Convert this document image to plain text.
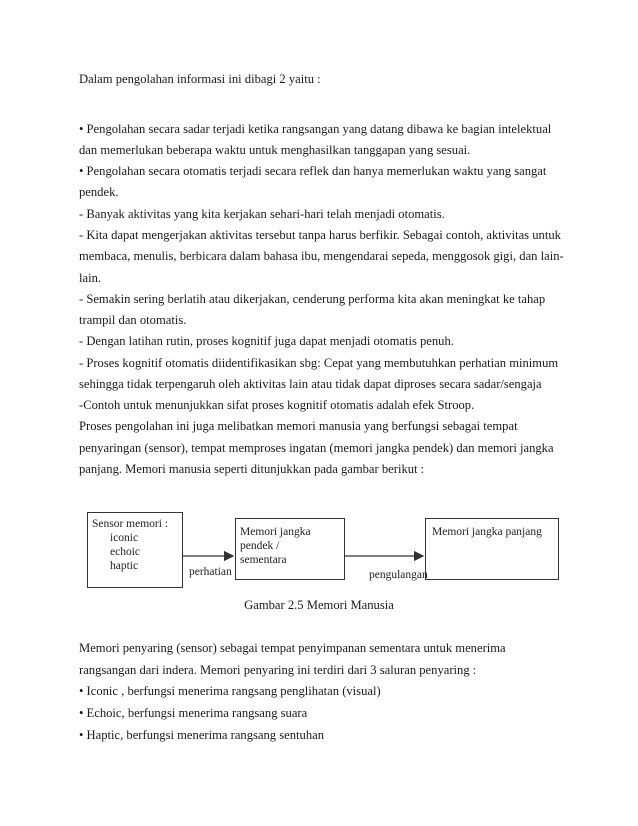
Dalam pengolahan informasi ini dibagi 2 yaitu :
• Pengolahan secara sadar terjadi ketika rangsangan yang datang dibawa ke bagian intelektual
dan memerlukan beberapa waktu untuk menghasilkan tanggapan yang sesuai.
• Pengolahan secara otomatis terjadi secara reflek dan hanya memerlukan waktu yang sangat
pendek.
- Banyak aktivitas yang kita kerjakan sehari-hari telah menjadi otomatis.
- Kita dapat mengerjakan aktivitas tersebut tanpa harus berfikir. Sebagai contoh, aktivitas untuk
membaca, menulis, berbicara dalam bahasa ibu, mengendarai sepeda, menggosok gigi, dan lain-
lain.
- Semakin sering berlatih atau dikerjakan, cenderung performa kita akan meningkat ke tahap
trampil dan otomatis.
- Dengan latihan rutin, proses kognitif juga dapat menjadi otomatis penuh.
- Proses kognitif otomatis diidentifikasikan sbg: Cepat yang membutuhkan perhatian minimum
sehingga tidak terpengaruh oleh aktivitas lain atau tidak dapat diproses secara sadar/sengaja
-Contoh untuk menunjukkan sifat proses kognitif otomatis adalah efek Stroop.
Proses pengolahan ini juga melibatkan memori manusia yang berfungsi sebagai tempat
penyaringan (sensor), tempat memproses ingatan (memori jangka pendek) dan memori jangka
panjang. Memori manusia seperti ditunjukkan pada gambar berikut :
Sensor memori :
iconic
echoic
haptic
Memori jangka pendek /
sementara
Memori jangka panjang
perhatian	pengulangan
Gambar 2.5 Memori Manusia
Memori penyaring (sensor) sebagai tempat penyimpanan sementara untuk menerima
rangsangan dari indera. Memori penyaring ini terdiri dari 3 saluran penyaring :
• Iconic , berfungsi menerima rangsang penglihatan (visual)
• Echoic, berfungsi menerima rangsang suara
• Haptic, berfungsi menerima rangsang sentuhan
